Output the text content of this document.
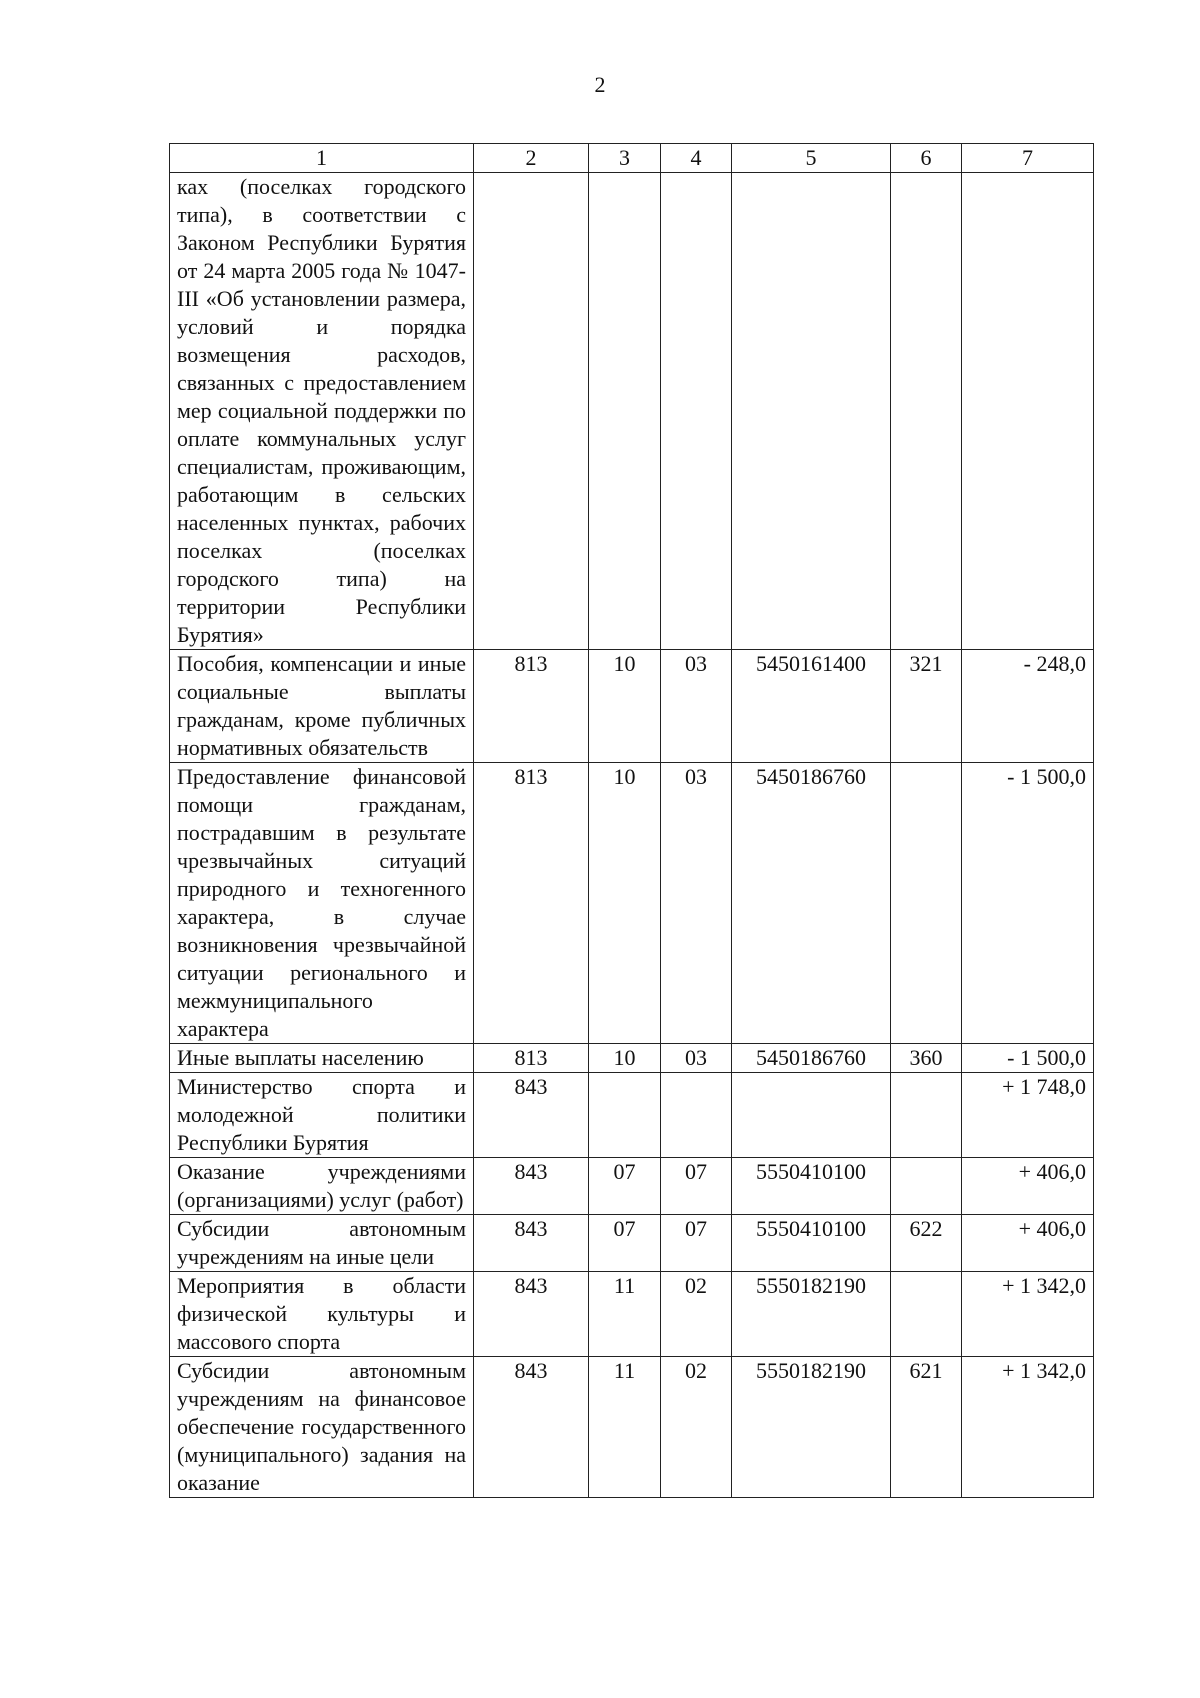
2
1	2	3	4	5	6	7
ках (поселках городского типа), в соответствии с Законом Республики Бурятия от 24 марта 2005 года № 1047-III «Об установлении размера, условий и порядка возмещения расходов, связанных с предоставлением мер социальной поддержки по оплате коммунальных услуг специалистам, проживающим, работающим в сельских населенных пунктах, рабочих поселках (поселках городского типа) на территории Республики Бурятия»						
Пособия, компенсации и иные социальные выплаты гражданам, кроме публичных нормативных обязательств	813	10	03	5450161400	321	- 248,0
Предоставление финансовой помощи гражданам, пострадавшим в результате чрезвычайных ситуаций природного и техногенного характера, в случае возникновения чрезвычайной ситуации регионального и межмуниципального характера	813	10	03	5450186760		- 1 500,0
Иные выплаты населению	813	10	03	5450186760	360	- 1 500,0
Министерство спорта и молодежной политики Республики Бурятия	843					+ 1 748,0
Оказание учреждениями (организациями) услуг (работ)	843	07	07	5550410100		+ 406,0
Субсидии автономным учреждениям на иные цели	843	07	07	5550410100	622	+ 406,0
Мероприятия в области физической культуры и массового спорта	843	11	02	5550182190		+ 1 342,0
Субсидии автономным учреждениям на финансовое обеспечение государственного (муниципального) задания на оказание	843	11	02	5550182190	621	+ 1 342,0
